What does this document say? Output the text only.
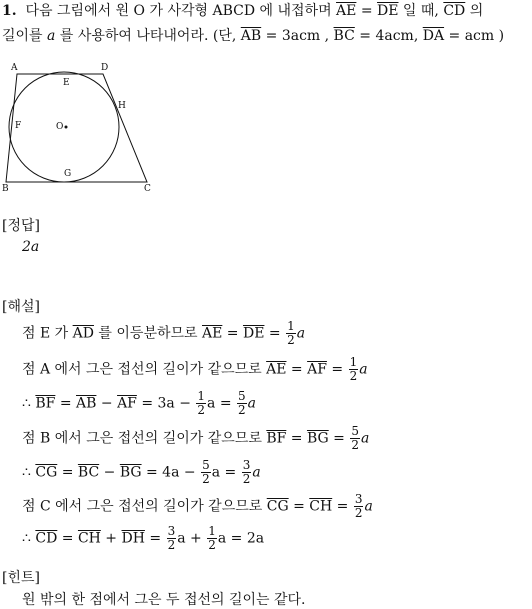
1. 다음 그림에서 원 O 가 사각형 ABCD 에 내접하며 $\overline{AE} = \overline{DE}$ 일 때, $\overline{CD}$ 의
길이를 a 를 사용하여 나타내어라. (단, $\overline{AB} = 3acm$ , $\overline{BC} = 4acm$, $\overline{DA}$ = acm )
A	D
E
H
F	O
G
B	C
[정답]
2a
[해설]
점 E 가 $\overline{AD}$ 를 이등분하므로 $\overline{AE} = \overline{DE} = \frac{1}{2}$ a
점 A 에서 그은 접선의 길이가 같으므로 $\overline{AE} = \overline{AF} = \frac{1}{2}$ a
∴ $\overline{BF} = \overline{AB} - \overline{AF} = 3a - \frac{1}{2}$ $a = \frac{5}{2}$ a
점 B 에서 그은 접선의 길이가 같으므로 $\overline{BF} = \overline{BG} = \frac{5}{2}$ a
∴ $\overline{CG} = \overline{BC} - \overline{BG} = 4a - \frac{5}{2}$ $a = \frac{3}{2}$ a
점 C 에서 그은 접선의 길이가 같으므로 $\overline{CG} = \overline{CH} = \frac{3}{2}$ a
∴ $\overline{CD} = \overline{CH} + \overline{DH} = \frac{3}{2}$ $a + \frac{1}{2}$ a = 2a
[힌트]
원 밖의 한 점에서 그은 두 접선의 길이는 같다.
